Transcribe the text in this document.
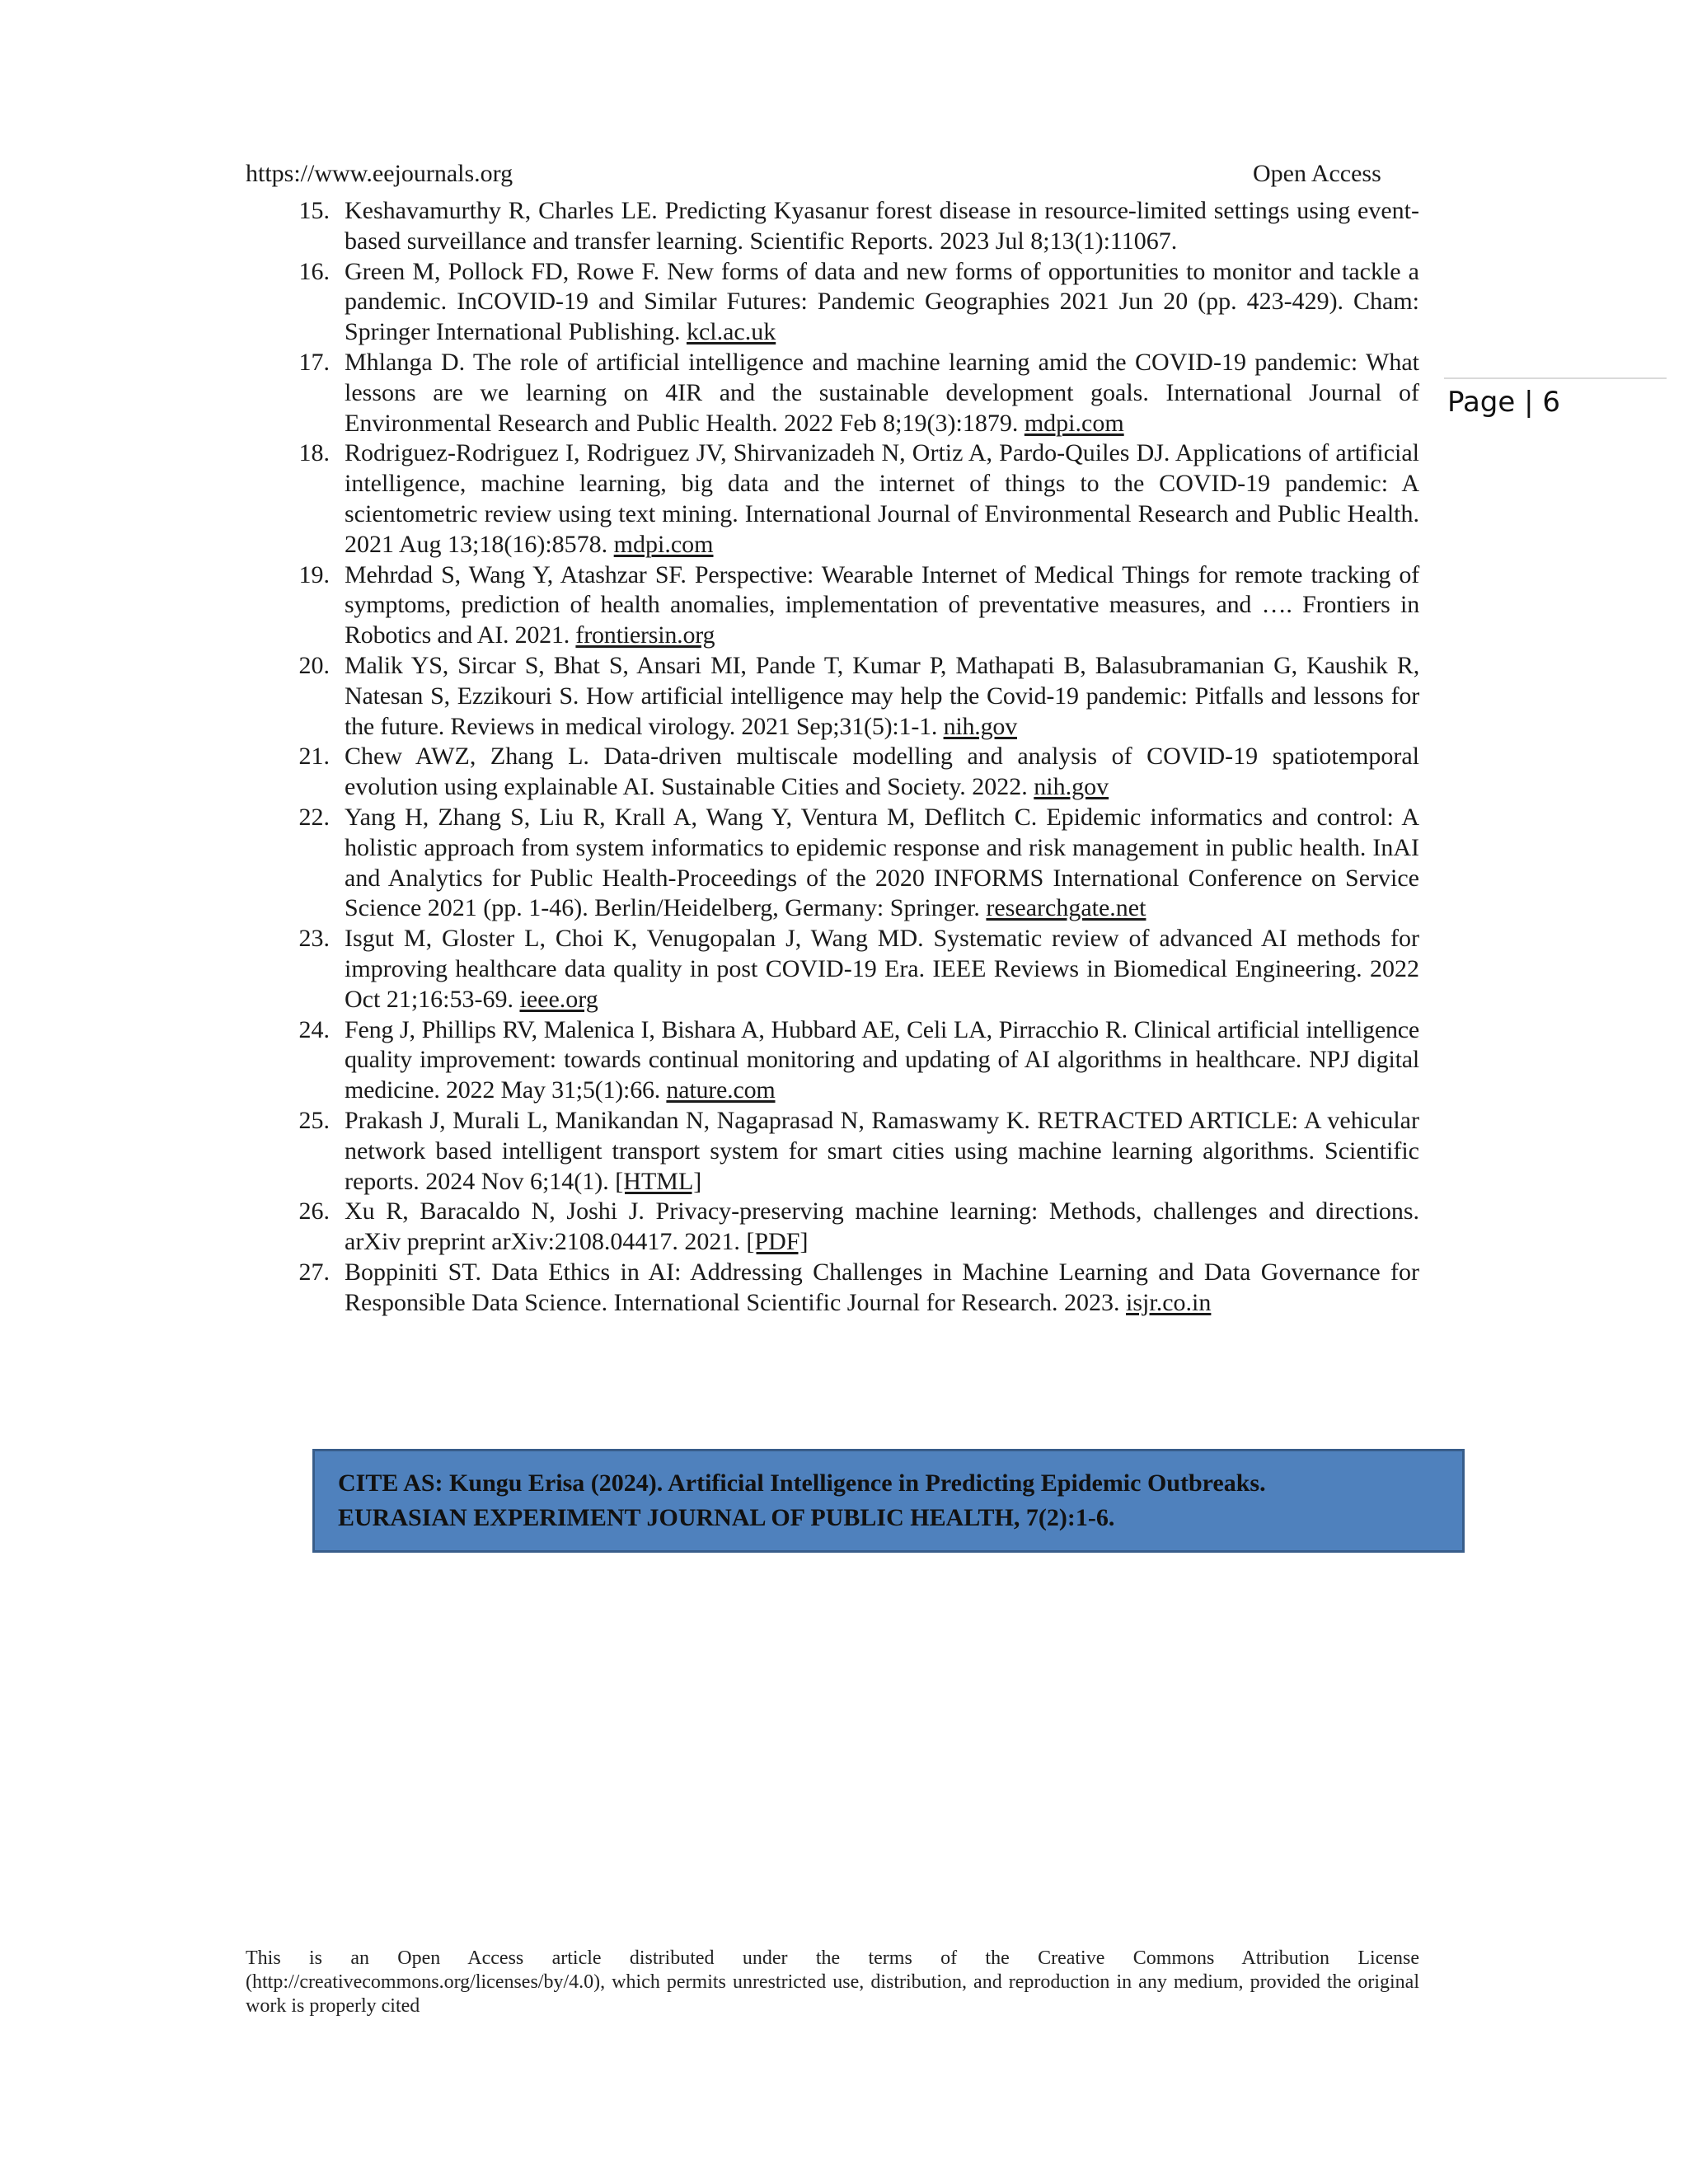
https://www.eejournals.org	Open Access
Page | 6
15. Keshavamurthy R, Charles LE. Predicting Kyasanur forest disease in resource-limited settings using event-based surveillance and transfer learning. Scientific Reports. 2023 Jul 8;13(1):11067.
16. Green M, Pollock FD, Rowe F. New forms of data and new forms of opportunities to monitor and tackle a pandemic. InCOVID-19 and Similar Futures: Pandemic Geographies 2021 Jun 20 (pp. 423-429). Cham: Springer International Publishing. kcl.ac.uk
17. Mhlanga D. The role of artificial intelligence and machine learning amid the COVID-19 pandemic: What lessons are we learning on 4IR and the sustainable development goals. International Journal of Environmental Research and Public Health. 2022 Feb 8;19(3):1879. mdpi.com
18. Rodriguez-Rodriguez I, Rodriguez JV, Shirvanizadeh N, Ortiz A, Pardo-Quiles DJ. Applications of artificial intelligence, machine learning, big data and the internet of things to the COVID-19 pandemic: A scientometric review using text mining. International Journal of Environmental Research and Public Health. 2021 Aug 13;18(16):8578. mdpi.com
19. Mehrdad S, Wang Y, Atashzar SF. Perspective: Wearable Internet of Medical Things for remote tracking of symptoms, prediction of health anomalies, implementation of preventative measures, and …. Frontiers in Robotics and AI. 2021. frontiersin.org
20. Malik YS, Sircar S, Bhat S, Ansari MI, Pande T, Kumar P, Mathapati B, Balasubramanian G, Kaushik R, Natesan S, Ezzikouri S. How artificial intelligence may help the Covid-19 pandemic: Pitfalls and lessons for the future. Reviews in medical virology. 2021 Sep;31(5):1-1. nih.gov
21. Chew AWZ, Zhang L. Data-driven multiscale modelling and analysis of COVID-19 spatiotemporal evolution using explainable AI. Sustainable Cities and Society. 2022. nih.gov
22. Yang H, Zhang S, Liu R, Krall A, Wang Y, Ventura M, Deflitch C. Epidemic informatics and control: A holistic approach from system informatics to epidemic response and risk management in public health. InAI and Analytics for Public Health-Proceedings of the 2020 INFORMS International Conference on Service Science 2021 (pp. 1-46). Berlin/Heidelberg, Germany: Springer. researchgate.net
23. Isgut M, Gloster L, Choi K, Venugopalan J, Wang MD. Systematic review of advanced AI methods for improving healthcare data quality in post COVID-19 Era. IEEE Reviews in Biomedical Engineering. 2022 Oct 21;16:53-69. ieee.org
24. Feng J, Phillips RV, Malenica I, Bishara A, Hubbard AE, Celi LA, Pirracchio R. Clinical artificial intelligence quality improvement: towards continual monitoring and updating of AI algorithms in healthcare. NPJ digital medicine. 2022 May 31;5(1):66. nature.com
25. Prakash J, Murali L, Manikandan N, Nagaprasad N, Ramaswamy K. RETRACTED ARTICLE: A vehicular network based intelligent transport system for smart cities using machine learning algorithms. Scientific reports. 2024 Nov 6;14(1). [HTML]
26. Xu R, Baracaldo N, Joshi J. Privacy-preserving machine learning: Methods, challenges and directions. arXiv preprint arXiv:2108.04417. 2021. [PDF]
27. Boppiniti ST. Data Ethics in AI: Addressing Challenges in Machine Learning and Data Governance for Responsible Data Science. International Scientific Journal for Research. 2023. isjr.co.in
CITE AS: Kungu Erisa (2024). Artificial Intelligence in Predicting Epidemic Outbreaks.
EURASIAN EXPERIMENT JOURNAL OF PUBLIC HEALTH, 7(2):1-6.
This is an Open Access article distributed under the terms of the Creative Commons Attribution License (http://creativecommons.org/licenses/by/4.0), which permits unrestricted use, distribution, and reproduction in any medium, provided the original work is properly cited
